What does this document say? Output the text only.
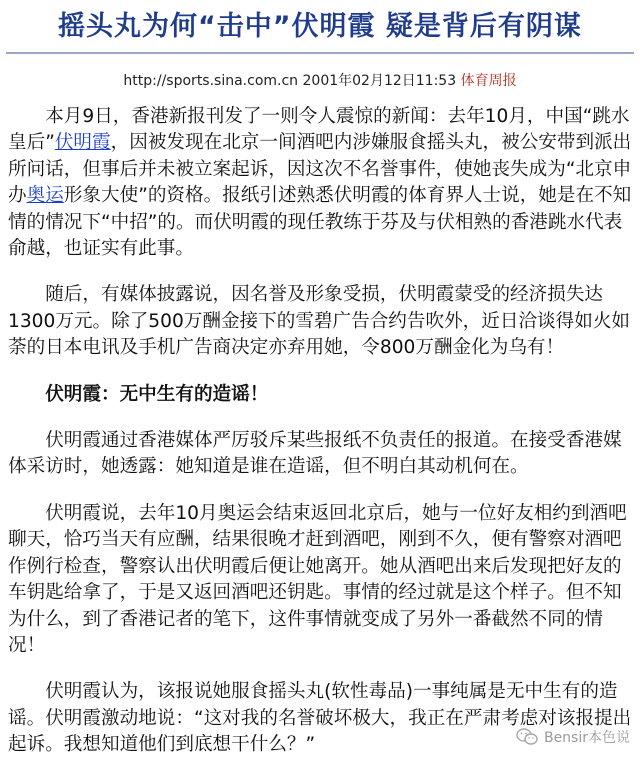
摇头丸为何“击中”伏明霞 疑是背后有阴谋
http://sports.sina.com.cn 2001年02月12日11:53 体育周报

本月9日，香港新报刊发了一则令人震惊的新闻：去年10月，中国“跳水皇后”伏明霞，因被发现在北京一间酒吧内涉嫌服食摇头丸，被公安带到派出所问话，但事后并未被立案起诉，因这次不名誉事件，使她丧失成为“北京申办奥运形象大使”的资格。报纸引述熟悉伏明霞的体育界人士说，她是在不知情的情况下“中招”的。而伏明霞的现任教练于芬及与伏相熟的香港跳水代表俞越，也证实有此事。

随后，有媒体披露说，因名誉及形象受损，伏明霞蒙受的经济损失达1300万元。除了500万酬金接下的雪碧广告合约告吹外，近日洽谈得如火如荼的日本电讯及手机广告商决定亦弃用她，令800万酬金化为乌有！

伏明霞：无中生有的造谣！

伏明霞通过香港媒体严厉驳斥某些报纸不负责任的报道。在接受香港媒体采访时，她透露：她知道是谁在造谣，但不明白其动机何在。

伏明霞说，去年10月奥运会结束返回北京后，她与一位好友相约到酒吧聊天，恰巧当天有应酬，结果很晚才赶到酒吧，刚到不久，便有警察对酒吧作例行检查，警察认出伏明霞后便让她离开。她从酒吧出来后发现把好友的车钥匙给拿了，于是又返回酒吧还钥匙。事情的经过就是这个样子。但不知为什么，到了香港记者的笔下，这件事情就变成了另外一番截然不同的情况！

伏明霞认为，该报说她服食摇头丸(软性毒品)一事纯属是无中生有的造谣。伏明霞激动地说：“这对我的名誉破坏极大，我正在严肃考虑对该报提出起诉。我想知道他们到底想干什么？”	Bensir本色说
